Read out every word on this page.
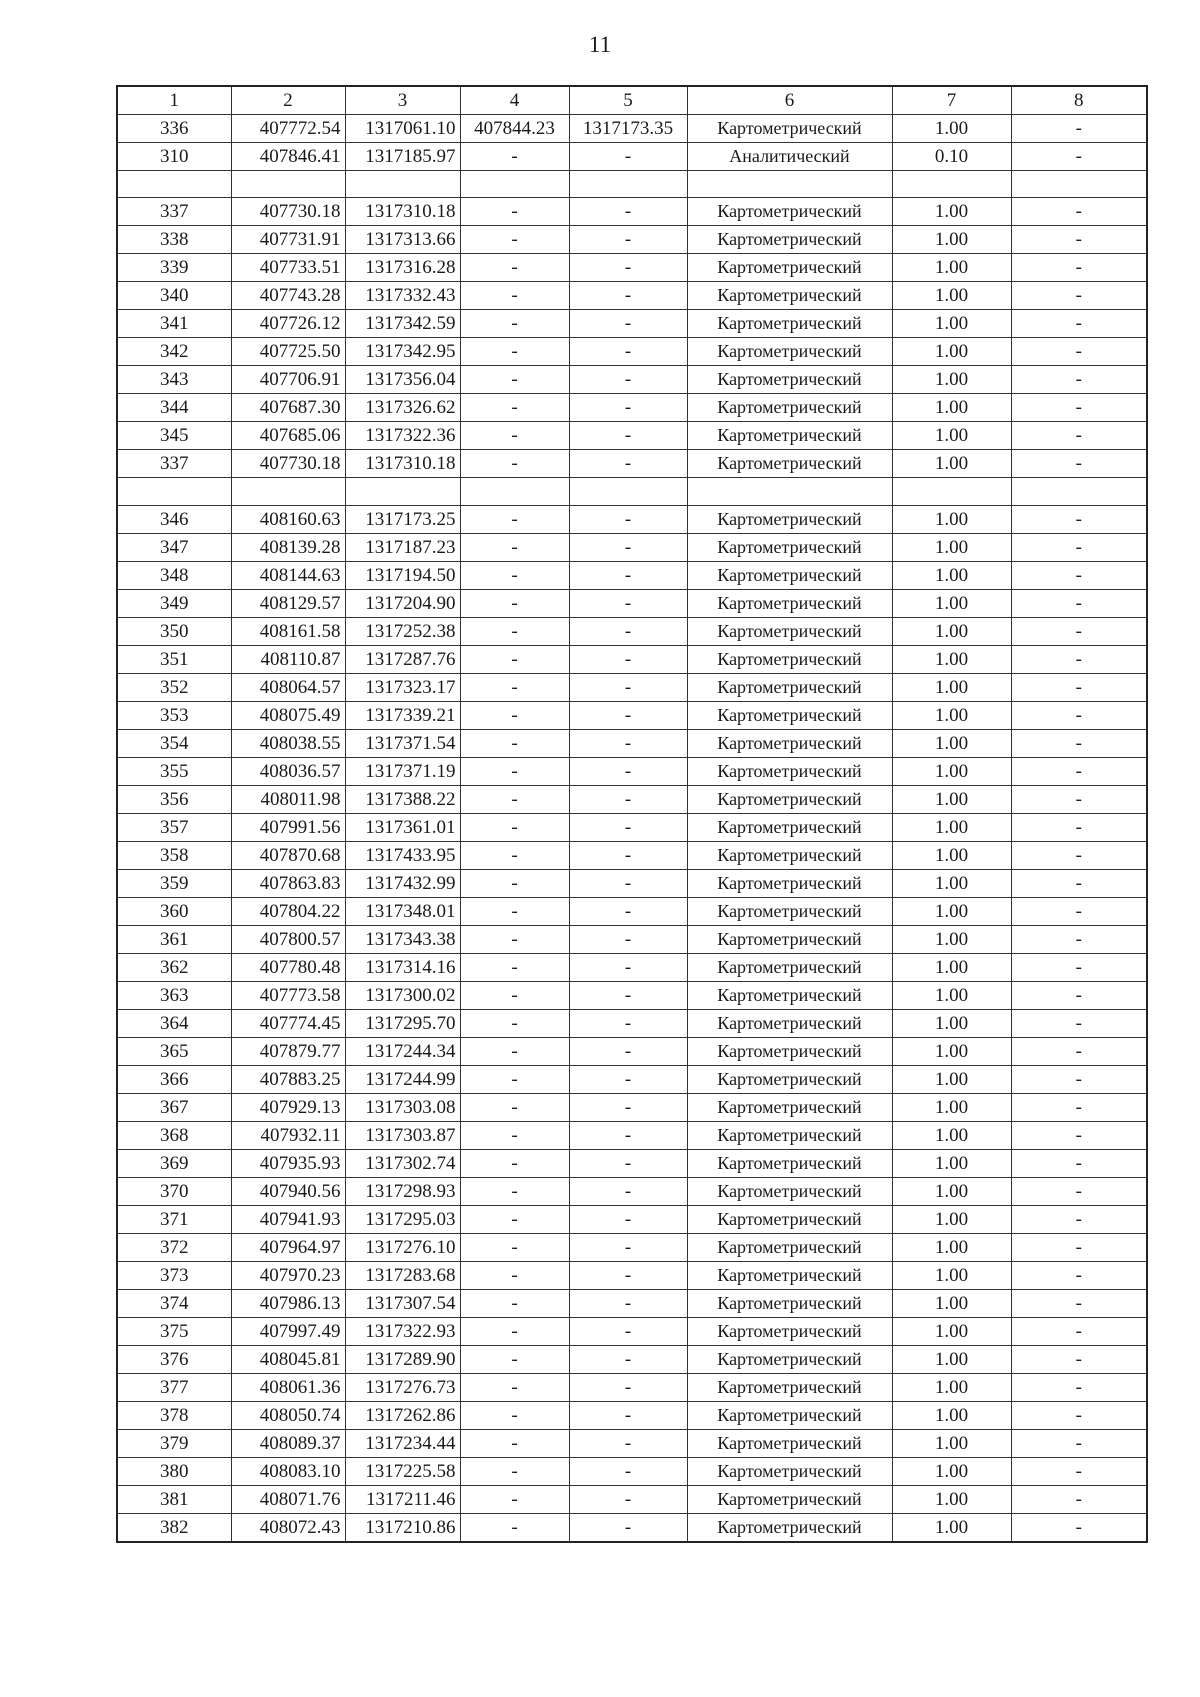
11
1	2	3	4	5	6	7	8
336	407772.54	1317061.10	407844.23	1317173.35	Картометрический	1.00	-
310	407846.41	1317185.97	-	-	Аналитический	0.10	-

337	407730.18	1317310.18	-	-	Картометрический	1.00	-
338	407731.91	1317313.66	-	-	Картометрический	1.00	-
339	407733.51	1317316.28	-	-	Картометрический	1.00	-
340	407743.28	1317332.43	-	-	Картометрический	1.00	-
341	407726.12	1317342.59	-	-	Картометрический	1.00	-
342	407725.50	1317342.95	-	-	Картометрический	1.00	-
343	407706.91	1317356.04	-	-	Картометрический	1.00	-
344	407687.30	1317326.62	-	-	Картометрический	1.00	-
345	407685.06	1317322.36	-	-	Картометрический	1.00	-
337	407730.18	1317310.18	-	-	Картометрический	1.00	-

346	408160.63	1317173.25	-	-	Картометрический	1.00	-
347	408139.28	1317187.23	-	-	Картометрический	1.00	-
348	408144.63	1317194.50	-	-	Картометрический	1.00	-
349	408129.57	1317204.90	-	-	Картометрический	1.00	-
350	408161.58	1317252.38	-	-	Картометрический	1.00	-
351	408110.87	1317287.76	-	-	Картометрический	1.00	-
352	408064.57	1317323.17	-	-	Картометрический	1.00	-
353	408075.49	1317339.21	-	-	Картометрический	1.00	-
354	408038.55	1317371.54	-	-	Картометрический	1.00	-
355	408036.57	1317371.19	-	-	Картометрический	1.00	-
356	408011.98	1317388.22	-	-	Картометрический	1.00	-
357	407991.56	1317361.01	-	-	Картометрический	1.00	-
358	407870.68	1317433.95	-	-	Картометрический	1.00	-
359	407863.83	1317432.99	-	-	Картометрический	1.00	-
360	407804.22	1317348.01	-	-	Картометрический	1.00	-
361	407800.57	1317343.38	-	-	Картометрический	1.00	-
362	407780.48	1317314.16	-	-	Картометрический	1.00	-
363	407773.58	1317300.02	-	-	Картометрический	1.00	-
364	407774.45	1317295.70	-	-	Картометрический	1.00	-
365	407879.77	1317244.34	-	-	Картометрический	1.00	-
366	407883.25	1317244.99	-	-	Картометрический	1.00	-
367	407929.13	1317303.08	-	-	Картометрический	1.00	-
368	407932.11	1317303.87	-	-	Картометрический	1.00	-
369	407935.93	1317302.74	-	-	Картометрический	1.00	-
370	407940.56	1317298.93	-	-	Картометрический	1.00	-
371	407941.93	1317295.03	-	-	Картометрический	1.00	-
372	407964.97	1317276.10	-	-	Картометрический	1.00	-
373	407970.23	1317283.68	-	-	Картометрический	1.00	-
374	407986.13	1317307.54	-	-	Картометрический	1.00	-
375	407997.49	1317322.93	-	-	Картометрический	1.00	-
376	408045.81	1317289.90	-	-	Картометрический	1.00	-
377	408061.36	1317276.73	-	-	Картометрический	1.00	-
378	408050.74	1317262.86	-	-	Картометрический	1.00	-
379	408089.37	1317234.44	-	-	Картометрический	1.00	-
380	408083.10	1317225.58	-	-	Картометрический	1.00	-
381	408071.76	1317211.46	-	-	Картометрический	1.00	-
382	408072.43	1317210.86	-	-	Картометрический	1.00	-
